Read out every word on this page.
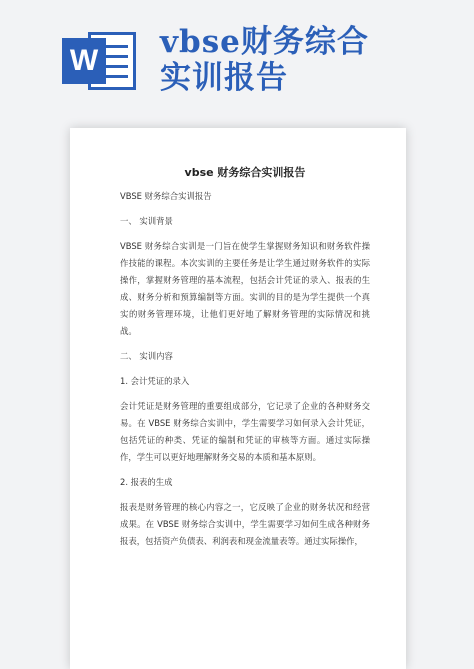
W
vbse财务综合
实训报告
vbse 财务综合实训报告
VBSE 财务综合实训报告
一、 实训背景
VBSE 财务综合实训是一门旨在使学生掌握财务知识和财务软件操作技能的课程。本次实训的主要任务是让学生通过财务软件的实际操作，掌握财务管理的基本流程，包括会计凭证的录入、报表的生成、财务分析和预算编制等方面。实训的目的是为学生提供一个真实的财务管理环境，让他们更好地了解财务管理的实际情况和挑战。
二、 实训内容
1. 会计凭证的录入
会计凭证是财务管理的重要组成部分，它记录了企业的各种财务交易。在 VBSE 财务综合实训中，学生需要学习如何录入会计凭证，包括凭证的种类、凭证的编制和凭证的审核等方面。通过实际操作，学生可以更好地理解财务交易的本质和基本原则。
2. 报表的生成
报表是财务管理的核心内容之一，它反映了企业的财务状况和经营成果。在 VBSE 财务综合实训中，学生需要学习如何生成各种财务报表，包括资产负债表、利润表和现金流量表等。通过实际操作，
